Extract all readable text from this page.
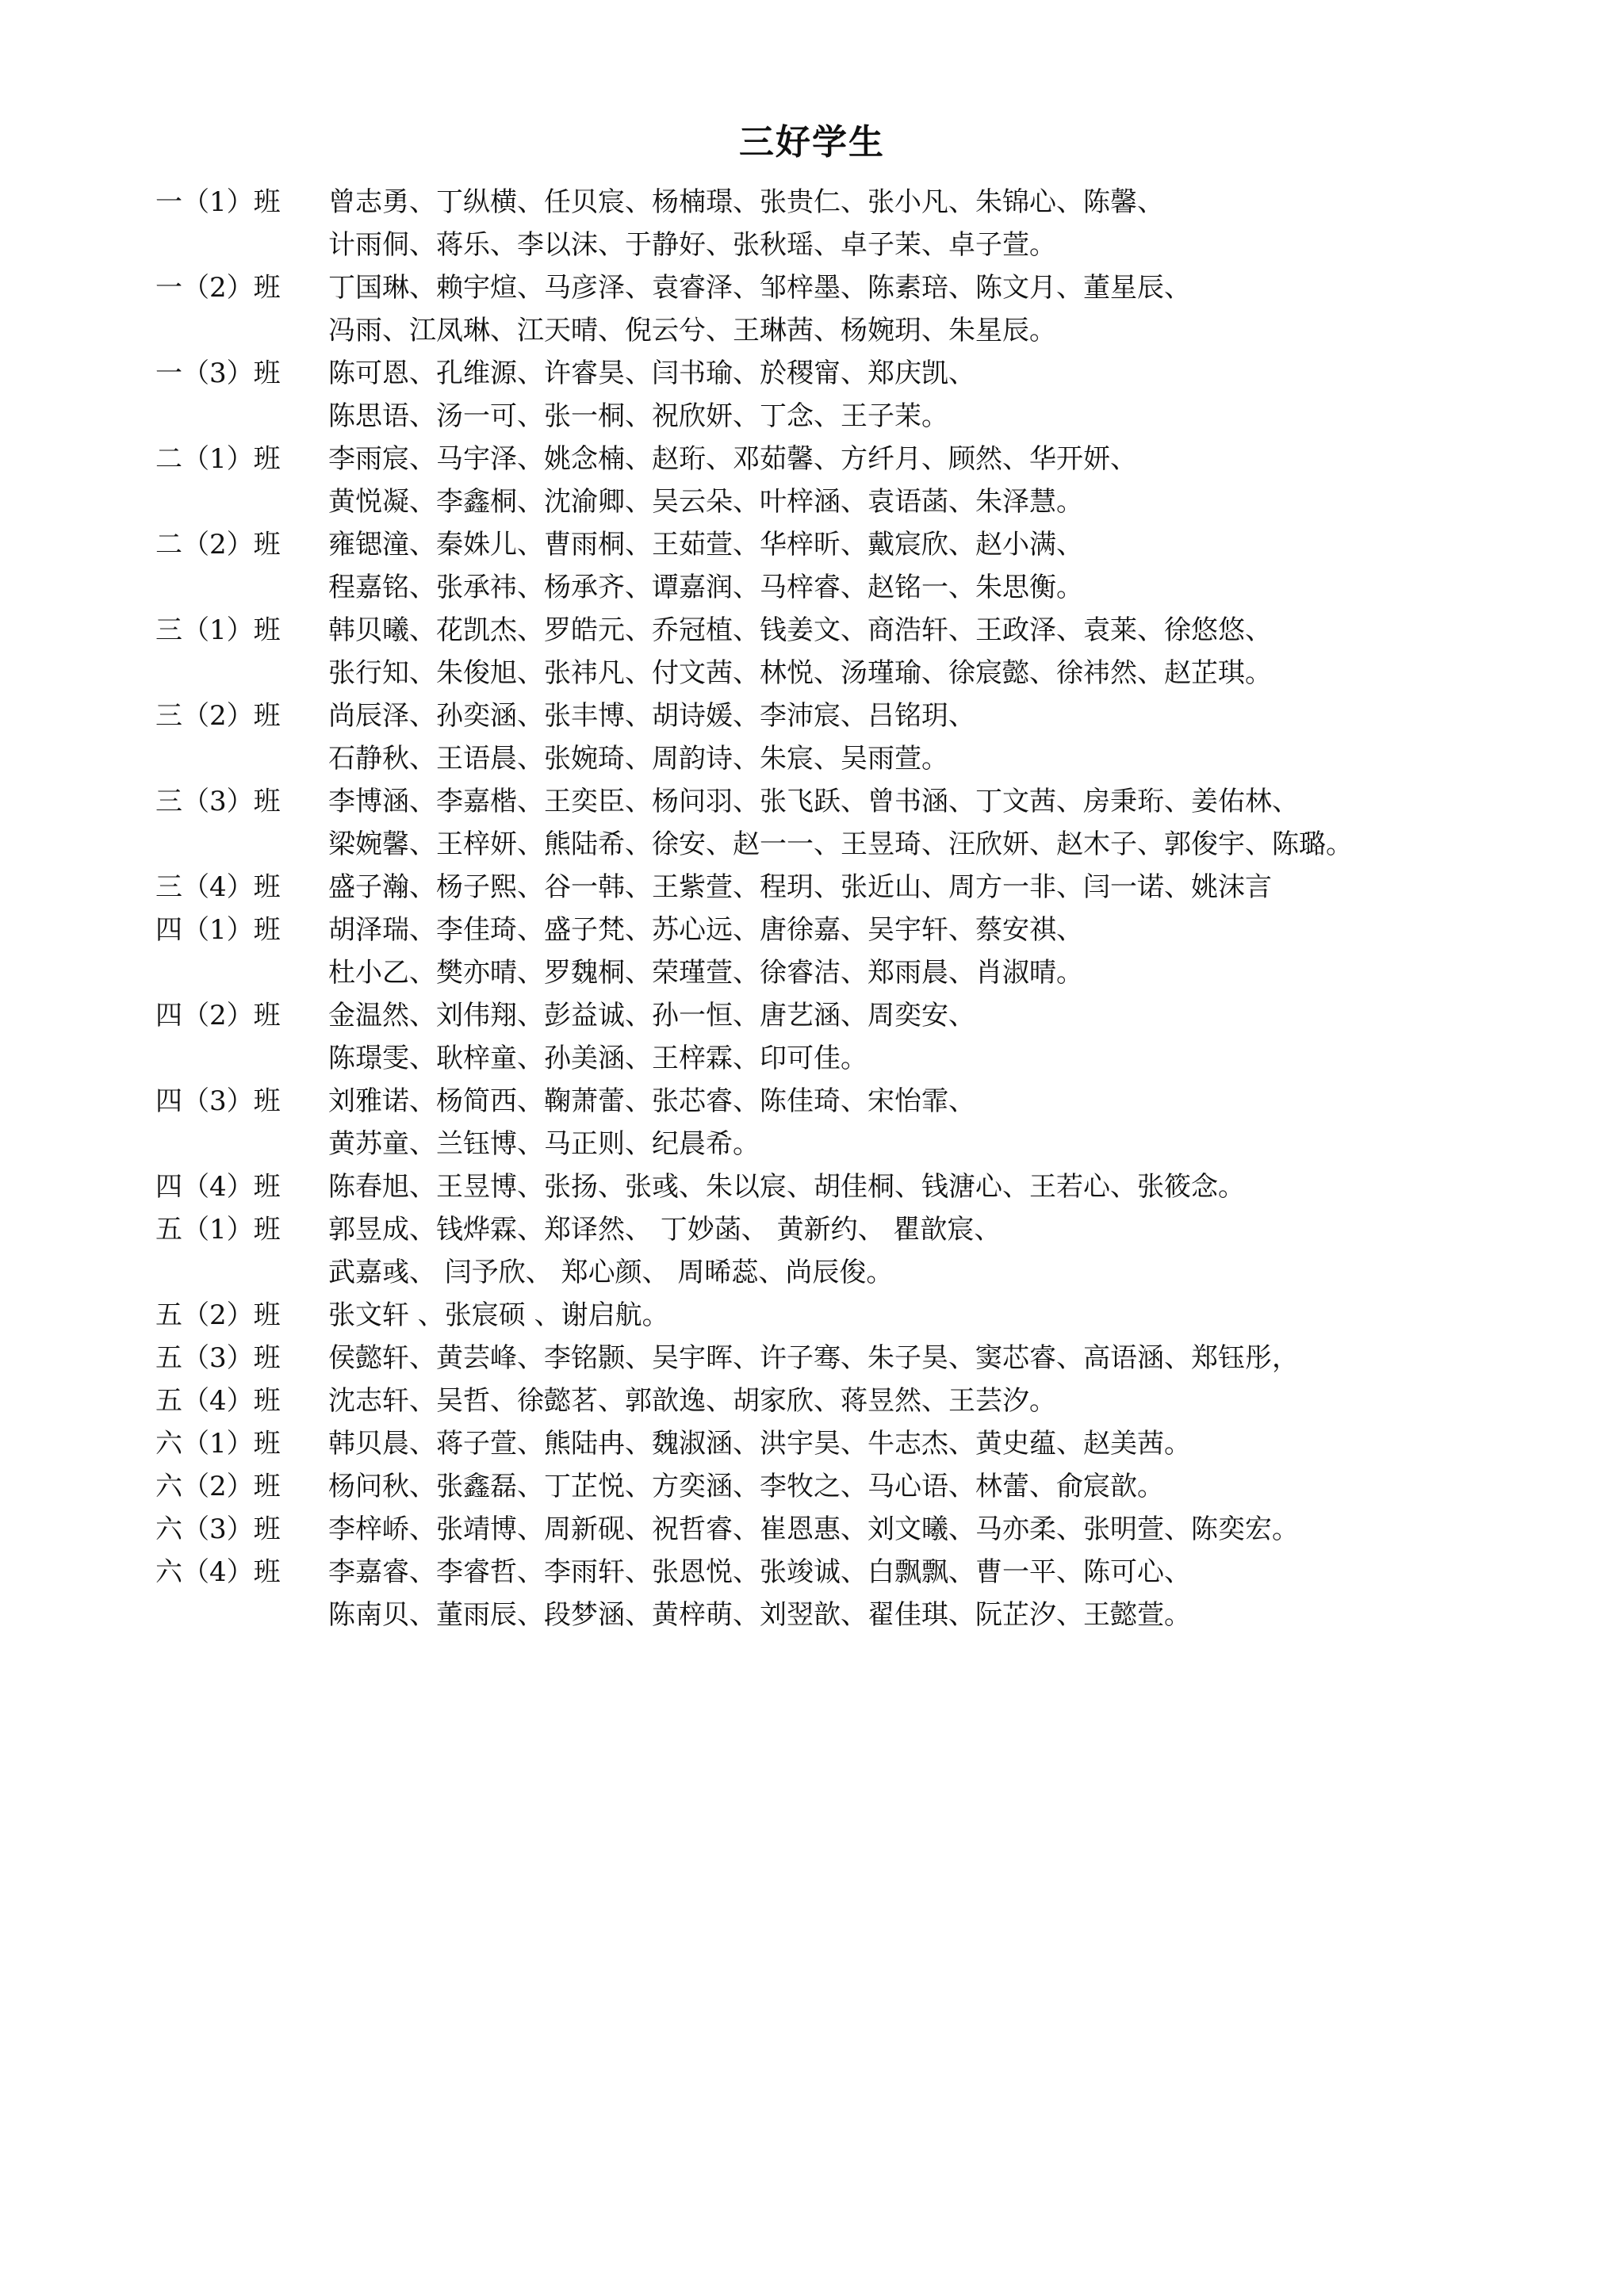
三好学生
一（1）班	曾志勇、丁纵横、任贝宸、杨楠璟、张贵仁、张小凡、朱锦心、陈馨、
计雨侗、蒋乐、李以沫、于静好、张秋瑶、卓子茉、卓子萱。
一（2）班	丁国琳、赖宇煊、马彦泽、袁睿泽、邹梓墨、陈素琣、陈文月、董星辰、
冯雨、江凤琳、江天晴、倪云兮、王琳茜、杨婉玥、朱星辰。
一（3）班	陈可恩、孔维源、许睿昊、闫书瑜、於稷甯、郑庆凯、
陈思语、汤一可、张一桐、祝欣妍、丁念、王子茉。
二（1）班	李雨宸、马宇泽、姚念楠、赵珩、邓茹馨、方纤月、顾然、华开妍、
黄悦凝、李鑫桐、沈渝卿、吴云朵、叶梓涵、袁语菡、朱泽慧。
二（2）班	雍锶潼、秦姝儿、曹雨桐、王茹萱、华梓昕、戴宸欣、赵小满、
程嘉铭、张承祎、杨承齐、谭嘉润、马梓睿、赵铭一、朱思衡。
三（1）班	韩贝曦、花凯杰、罗皓元、乔冠植、钱姜文、商浩轩、王政泽、袁莱、徐悠悠、
张行知、朱俊旭、张祎凡、付文茜、林悦、汤瑾瑜、徐宸懿、徐祎然、赵芷琪。
三（2）班	尚辰泽、孙奕涵、张丰博、胡诗媛、李沛宸、吕铭玥、
石静秋、王语晨、张婉琦、周韵诗、朱宸、吴雨萱。
三（3）班	李博涵、李嘉楷、王奕臣、杨问羽、张飞跃、曾书涵、丁文茜、房秉珩、姜佑林、
梁婉馨、王梓妍、熊陆希、徐安、赵一一、王昱琦、汪欣妍、赵木子、郭俊宇、陈璐。
三（4）班	盛子瀚、杨子熙、谷一韩、王紫萱、程玥、张近山、周方一非、闫一诺、姚沫言
四（1）班	胡泽瑞、李佳琦、盛子梵、苏心远、唐徐嘉、吴宇轩、蔡安祺、
杜小乙、樊亦晴、罗魏桐、荣瑾萱、徐睿洁、郑雨晨、肖淑晴。
四（2）班	金温然、刘伟翔、彭益诚、孙一恒、唐艺涵、周奕安、
陈璟雯、耿梓童、孙美涵、王梓霖、印可佳。
四（3）班	刘雅诺、杨简西、鞠萧蕾、张芯睿、陈佳琦、宋怡霏、
黄苏童、兰钰博、马正则、纪晨希。
四（4）班	陈春旭、王昱博、张扬、张彧、朱以宸、胡佳桐、钱溏心、王若心、张筱念。
五（1）班	郭昱成、钱烨霖、郑译然、 丁妙菡、 黄新约、 瞿歆宸、
武嘉彧、 闫予欣、 郑心颜、 周晞蕊、尚辰俊。
五（2）班	张文轩 、张宸硕 、谢启航。
五（3）班	侯懿轩、黄芸峰、李铭颢、吴宇晖、许子骞、朱子昊、窦芯睿、高语涵、郑钰彤，
五（4）班	沈志轩、吴哲、徐懿茗、郭歆逸、胡家欣、蒋昱然、王芸汐。
六（1）班	韩贝晨、蒋子萱、熊陆冉、魏淑涵、洪宇昊、牛志杰、黄史蕴、赵美茜。
六（2）班	杨问秋、张鑫磊、丁芷悦、方奕涵、李牧之、马心语、林蕾、俞宸歆。
六（3）班	李梓峤、张靖博、周新砚、祝哲睿、崔恩惠、刘文曦、马亦柔、张明萱、陈奕宏。
六（4）班	李嘉睿、李睿哲、李雨轩、张恩悦、张竣诚、白飘飘、曹一平、陈可心、
陈南贝、董雨辰、段梦涵、黄梓萌、刘翌歆、翟佳琪、阮芷汐、王懿萱。
